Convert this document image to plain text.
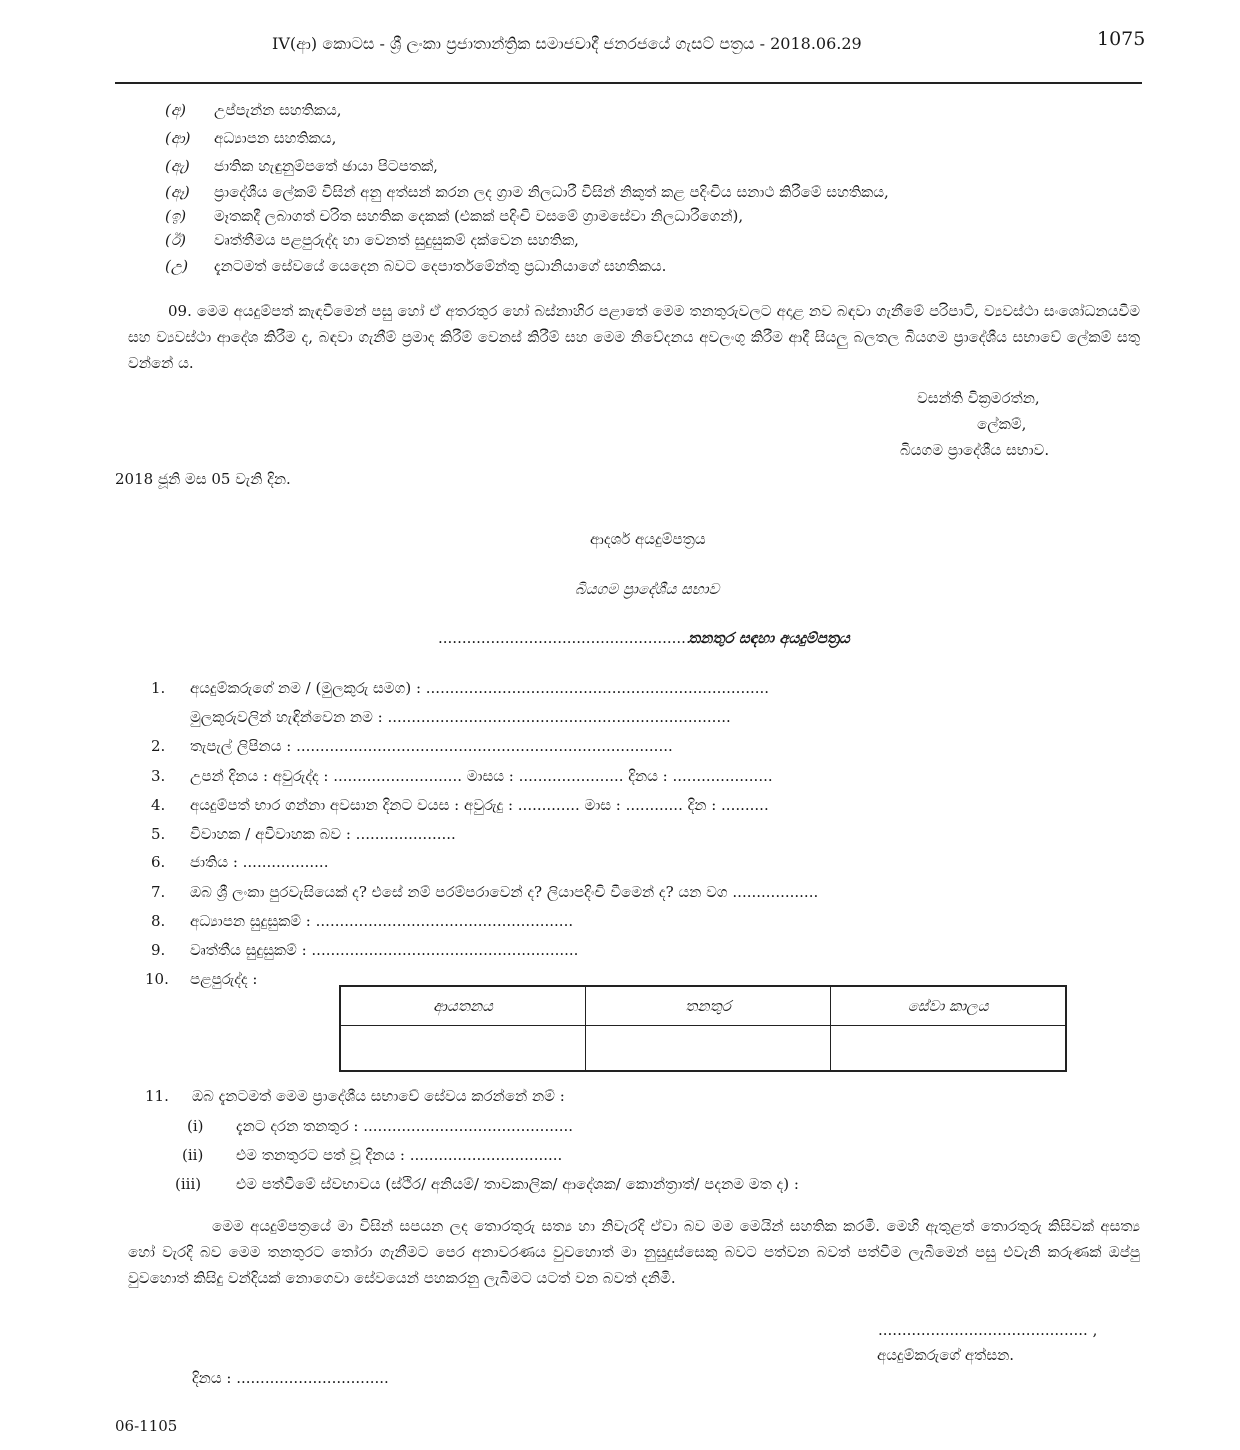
IV(ආ) කොටස - ශ්‍රී ලංකා ප්‍රජාතාන්ත්‍රික සමාජවාදී ජනරජයේ ගැසට් පත්‍රය - 2018.06.29	1075
(අ) උප්පැන්න සහතිකය,
(ආ) අධ්‍යාපන සහතිකය,
(ඇ) ජාතික හැඳුනුම්පතේ ඡායා පිටපතක්,
(ඈ) ප්‍රාදේශීය ලේකම් විසින් අනු අත්සන් කරන ලද ග්‍රාම නිලධාරී විසින් නිකුත් කළ පදිංචිය සනාථ කිරීමේ සහතිකය,
(ඉ) මෑතකදී ලබාගත් චරිත සහතික දෙකක් (එකක් පදිංචි වසමේ ග්‍රාමසේවා නිලධාරීගෙන්),
(ඊ) වෘත්තීමය පළපුරුද්ද හා වෙනත් සුදුසුකම් දක්වෙන සහතික,
(උ) දැනටමත් සේවයේ යෙදෙන බවට දෙපාර්තමේන්තු ප්‍රධානියාගේ සහතිකය.
09. මෙම අයදුම්පත් කැඳවීමෙන් පසු හෝ ඒ අතරතුර හෝ බස්නාහිර පළාතේ මෙම තනතුරුවලට අදාළ නව බඳවා ගැනීමේ පරිපාටි, ව්‍යවස්ථා සංශෝධනයවීම සහ ව්‍යවස්ථා ආදේශ කිරීම ද, බඳවා ගැනීම් ප්‍රමාද කිරීම් වෙනස් කිරීම් සහ මෙම නිවේදනය අවලංගු කිරීම ආදී සියලු බලතල බියගම ප්‍රාදේශීය සභාවේ ලේකම් සතු වන්නේ ය.
වසන්ති වික්‍රමරත්න,
ලේකම්,
බියගම ප්‍රාදේශීය සභාව.
2018 ජූනි මස 05 වැනි දින.
ආදර්ශ අයදුම්පත්‍රය
බියගම ප්‍රාදේශීය සභාව
.......................................................
තනතුර සඳහා අයදුම්පත්‍රය
1. අයදුම්කරුගේ නම / (මුලකුරු සමග) : ........................................................................
මුලකුරුවලින් හැඳින්වෙන නම : ........................................................................
2. තැපැල් ලිපිනය : ...............................................................................
3. උපන් දිනය : අවුරුද්ද : ........................... මාසය : ...................... දිනය : .....................
4. අයදුම්පත් භාර ගන්නා අවසාන දිනට වයස : අවුරුදු : ............. මාස : ............ දින : ..........
5. විවාහක / අවිවාහක බව : .....................
6. ජාතිය : ..................
7. ඔබ ශ්‍රී ලංකා පුරවැසියෙක් ද? එසේ නම් පරම්පරාවෙන් ද? ලියාපදිංචි වීමෙන් ද? යන වග ..................
8. අධ්‍යාපන සුදුසුකම් : ......................................................
9. වෘත්තීය සුදුසුකම් : ........................................................
10. පළපුරුද්ද :
ආයතනය	තනතුර	සේවා කාලය

11. ඔබ දැනටමත් මෙම ප්‍රාදේශීය සභාවේ සේවය කරන්නේ නම් :
(i) දැනට දරන තනතුර : ............................................
(ii) එම තනතුරට පත් වූ දිනය : ................................
(iii) එම පත්වීමේ ස්වභාවය (ස්ථිර/ අනියම්/ තාවකාලික/ ආදේශක/ කොන්ත්‍රාත්/ පදනම මත ද) :
මෙම අයදුම්පත්‍රයේ මා විසින් සපයන ලද තොරතුරු සත්‍ය හා නිවැරදි ඒවා බව මම මෙයින් සහතික කරමි. මෙහි ඇතුළත් තොරතුරු කිසිවක් අසත්‍ය හෝ වැරදි බව මෙම තනතුරට තෝරා ගැනීමට පෙර අනාවරණය වුවහොත් මා නුසුදුස්සෙකු බවට පත්වන බවත් පත්වීම ලැබීමෙන් පසු එවැනි කරුණක් ඔප්පු වුවහොත් කිසිදු වන්දියක් නොගෙවා සේවයෙන් පහකරනු ලැබීමට යටත් වන බවත් දනිමි.
............................................ ,
අයදුම්කරුගේ අත්සන.
දිනය : ................................
06-1105
